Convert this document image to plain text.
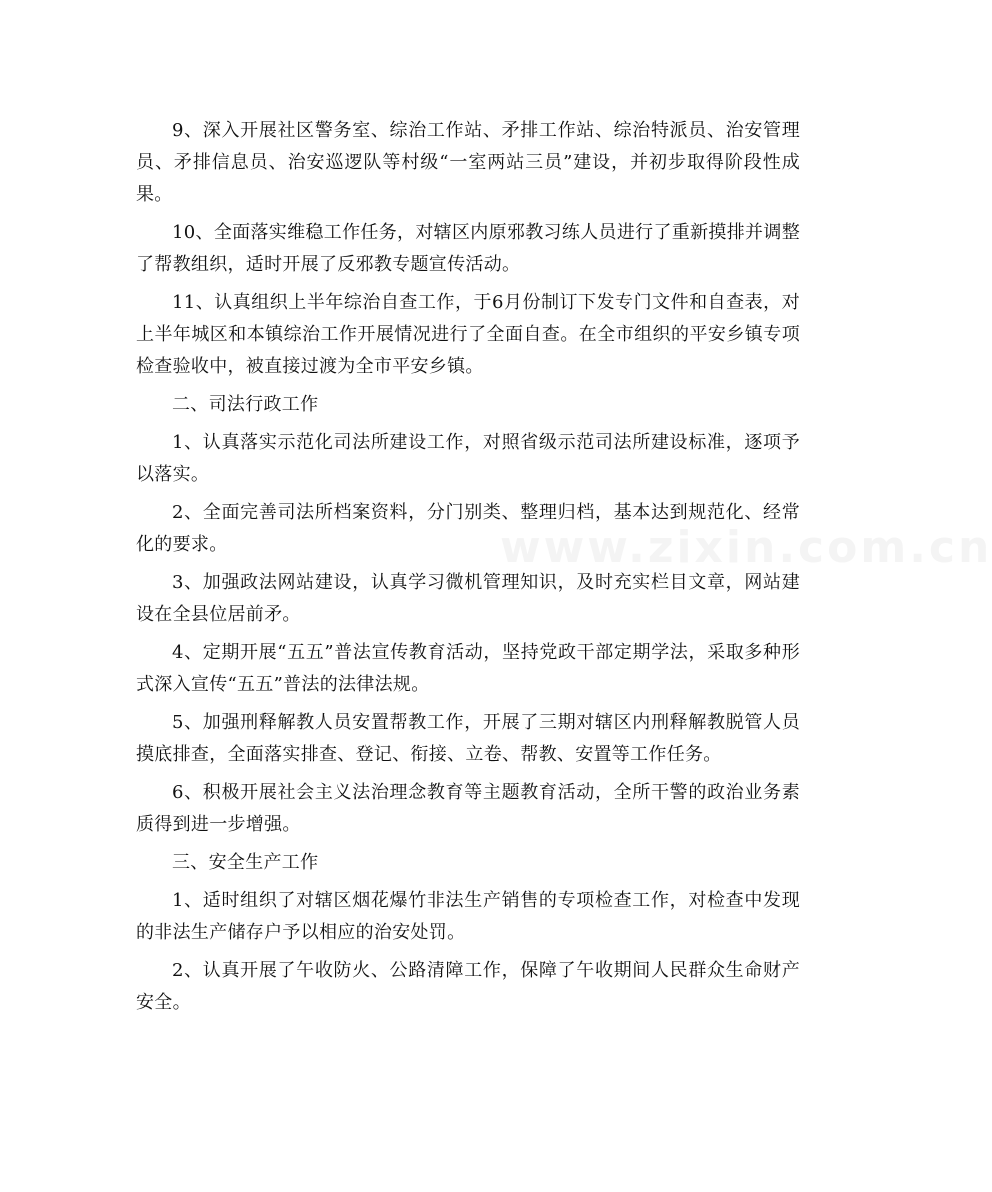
9、深入开展社区警务室、综治工作站、矛排工作站、综治特派员、治安管理员、矛排信息员、治安巡逻队等村级“一室两站三员”建设，并初步取得阶段性成果。

10、全面落实维稳工作任务，对辖区内原邪教习练人员进行了重新摸排并调整了帮教组织，适时开展了反邪教专题宣传活动。

11、认真组织上半年综治自查工作，于6月份制订下发专门文件和自查表，对上半年城区和本镇综治工作开展情况进行了全面自查。在全市组织的平安乡镇专项检查验收中，被直接过渡为全市平安乡镇。

二、司法行政工作

1、认真落实示范化司法所建设工作，对照省级示范司法所建设标准，逐项予以落实。

2、全面完善司法所档案资料，分门别类、整理归档，基本达到规范化、经常化的要求。

3、加强政法网站建设，认真学习微机管理知识，及时充实栏目文章，网站建设在全县位居前矛。

4、定期开展“五五”普法宣传教育活动，坚持党政干部定期学法，采取多种形式深入宣传“五五”普法的法律法规。

5、加强刑释解教人员安置帮教工作，开展了三期对辖区内刑释解教脱管人员摸底排查，全面落实排查、登记、衔接、立卷、帮教、安置等工作任务。

6、积极开展社会主义法治理念教育等主题教育活动，全所干警的政治业务素质得到进一步增强。

三、安全生产工作

1、适时组织了对辖区烟花爆竹非法生产销售的专项检查工作，对检查中发现的非法生产储存户予以相应的治安处罚。

2、认真开展了午收防火、公路清障工作，保障了午收期间人民群众生命财产安全。

www.zixin.com.cn
